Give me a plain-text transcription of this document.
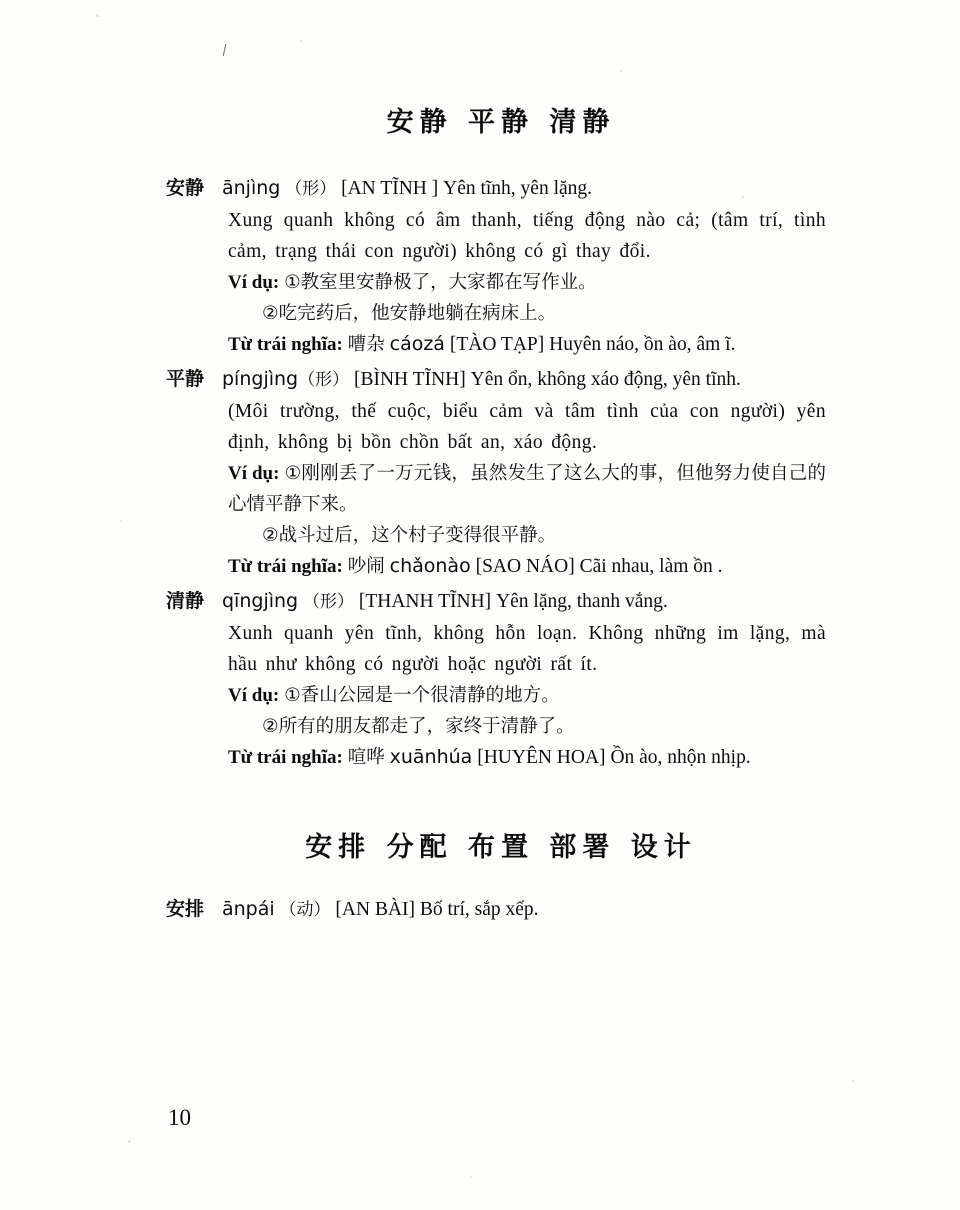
安静 平静 清静
安静 ānjìng （形） [AN TĨNH ] Yên tĩnh, yên lặng.
Xung quanh không có âm thanh, tiếng động nào cả; (tâm trí, tình cảm, trạng thái con người) không có gì thay đổi.
Ví dụ: ①教室里安静极了，大家都在写作业。
②吃完药后，他安静地躺在病床上。
Từ trái nghĩa: 嘈杂 cáozá [TÀO TẠP] Huyên náo, ồn ào, âm ĩ.
平静 píngjìng（形） [BÌNH TĨNH] Yên ổn, không xáo động, yên tĩnh.
(Môi trường, thế cuộc, biểu cảm và tâm tình của con người) yên định, không bị bồn chồn bất an, xáo động.
Ví dụ: ①刚刚丢了一万元钱，虽然发生了这么大的事，但他努力使自己的心情平静下来。
②战斗过后，这个村子变得很平静。
Từ trái nghĩa: 吵闹 chǎonào [SAO NÁO] Cãi nhau, làm ồn .
清静 qīngjìng （形） [THANH TĨNH] Yên lặng, thanh vắng.
Xunh quanh yên tĩnh, không hỗn loạn. Không những im lặng, mà hầu như không có người hoặc người rất ít.
Ví dụ: ①香山公园是一个很清静的地方。
②所有的朋友都走了，家终于清静了。
Từ trái nghĩa: 喧哗 xuānhúa [HUYÊN HOA] Ồn ào, nhộn nhịp.
安排 分配 布置 部署 设计
安排 ānpái （动） [AN BÀI] Bố trí, sắp xếp.
10
